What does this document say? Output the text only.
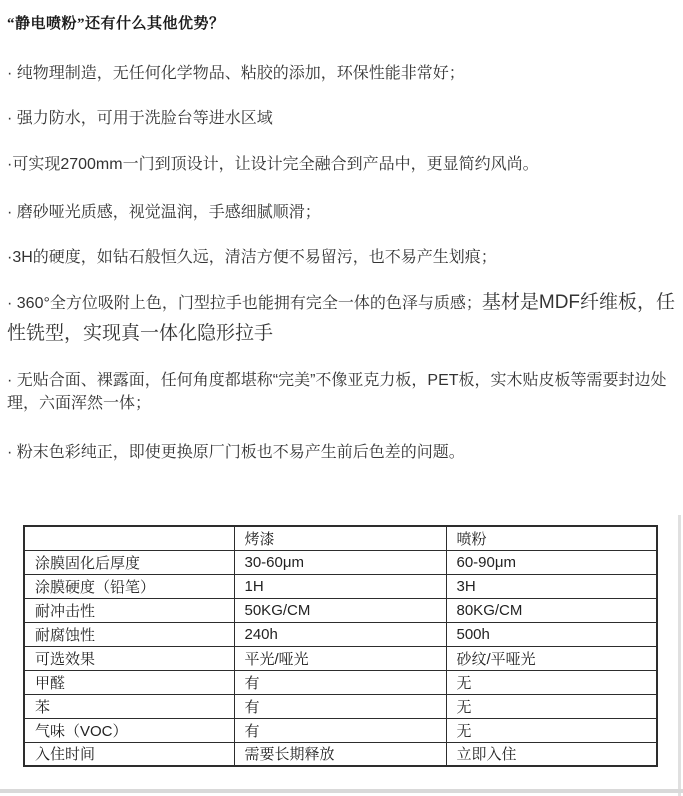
“静电喷粉”还有什么其他优势？

· 纯物理制造，无任何化学物品、粘胶的添加，环保性能非常好；

· 强力防水，可用于洗脸台等进水区域

·可实现2700mm一门到顶设计，让设计完全融合到产品中，更显简约风尚。

· 磨砂哑光质感，视觉温润，手感细腻顺滑；

·3H的硬度，如钻石般恒久远，清洁方便不易留污，也不易产生划痕；

· 360°全方位吸附上色，门型拉手也能拥有完全一体的色泽与质感；基材是MDF纤维板，任性铣型，实现真一体化隐形拉手

· 无贴合面、裸露面，任何角度都堪称“完美”不像亚克力板，PET板，实木贴皮板等需要封边处理，六面浑然一体；

· 粉末色彩纯正，即使更换原厂门板也不易产生前后色差的问题。

	烤漆	喷粉
涂膜固化后厚度	30-60μm	60-90μm
涂膜硬度（铅笔）	1H	3H
耐冲击性	50KG/CM	80KG/CM
耐腐蚀性	240h	500h
可选效果	平光/哑光	砂纹/平哑光
甲醛	有	无
苯	有	无
气味（VOC）	有	无
入住时间	需要长期释放	立即入住
